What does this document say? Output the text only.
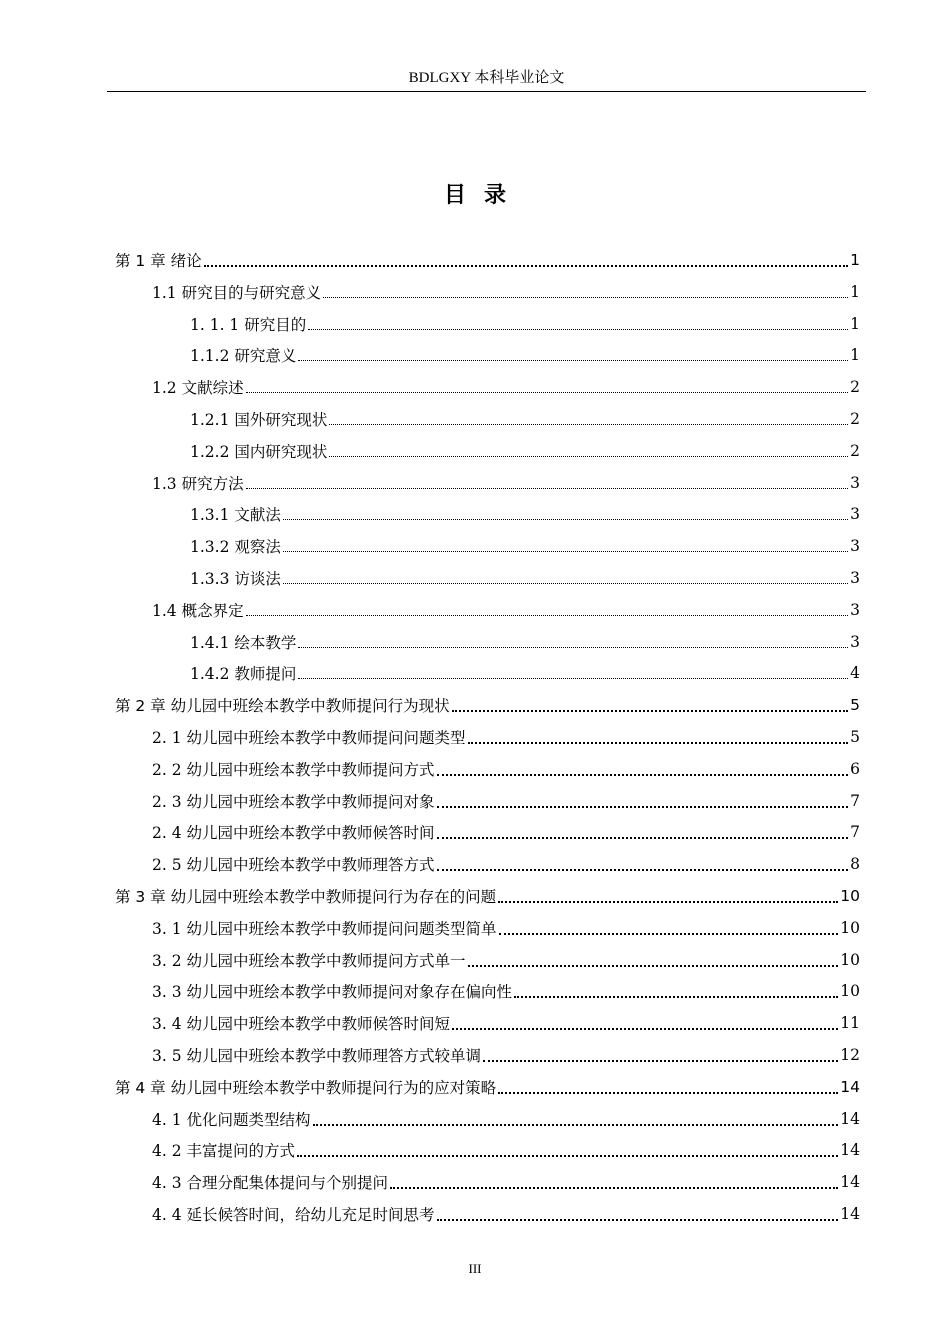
BDLGXY 本科毕业论文
目录
第 1 章 绪论	1
1.1 研究目的与研究意义	1
1. 1. 1 研究目的	1
1.1.2 研究意义	1
1.2 文献综述	2
1.2.1 国外研究现状	2
1.2.2 国内研究现状	2
1.3 研究方法	3
1.3.1 文献法	3
1.3.2 观察法	3
1.3.3 访谈法	3
1.4 概念界定	3
1.4.1 绘本教学	3
1.4.2 教师提问	4
第 2 章 幼儿园中班绘本教学中教师提问行为现状	5
2. 1 幼儿园中班绘本教学中教师提问问题类型	5
2. 2 幼儿园中班绘本教学中教师提问方式	6
2. 3 幼儿园中班绘本教学中教师提问对象	7
2. 4 幼儿园中班绘本教学中教师候答时间	7
2. 5 幼儿园中班绘本教学中教师理答方式	8
第 3 章 幼儿园中班绘本教学中教师提问行为存在的问题	10
3. 1 幼儿园中班绘本教学中教师提问问题类型简单	10
3. 2 幼儿园中班绘本教学中教师提问方式单一	10
3. 3 幼儿园中班绘本教学中教师提问对象存在偏向性	10
3. 4 幼儿园中班绘本教学中教师候答时间短	11
3. 5 幼儿园中班绘本教学中教师理答方式较单调	12
第 4 章 幼儿园中班绘本教学中教师提问行为的应对策略	14
4. 1 优化问题类型结构	14
4. 2 丰富提问的方式	14
4. 3 合理分配集体提问与个别提问	14
4. 4 延长候答时间，给幼儿充足时间思考	14
III
